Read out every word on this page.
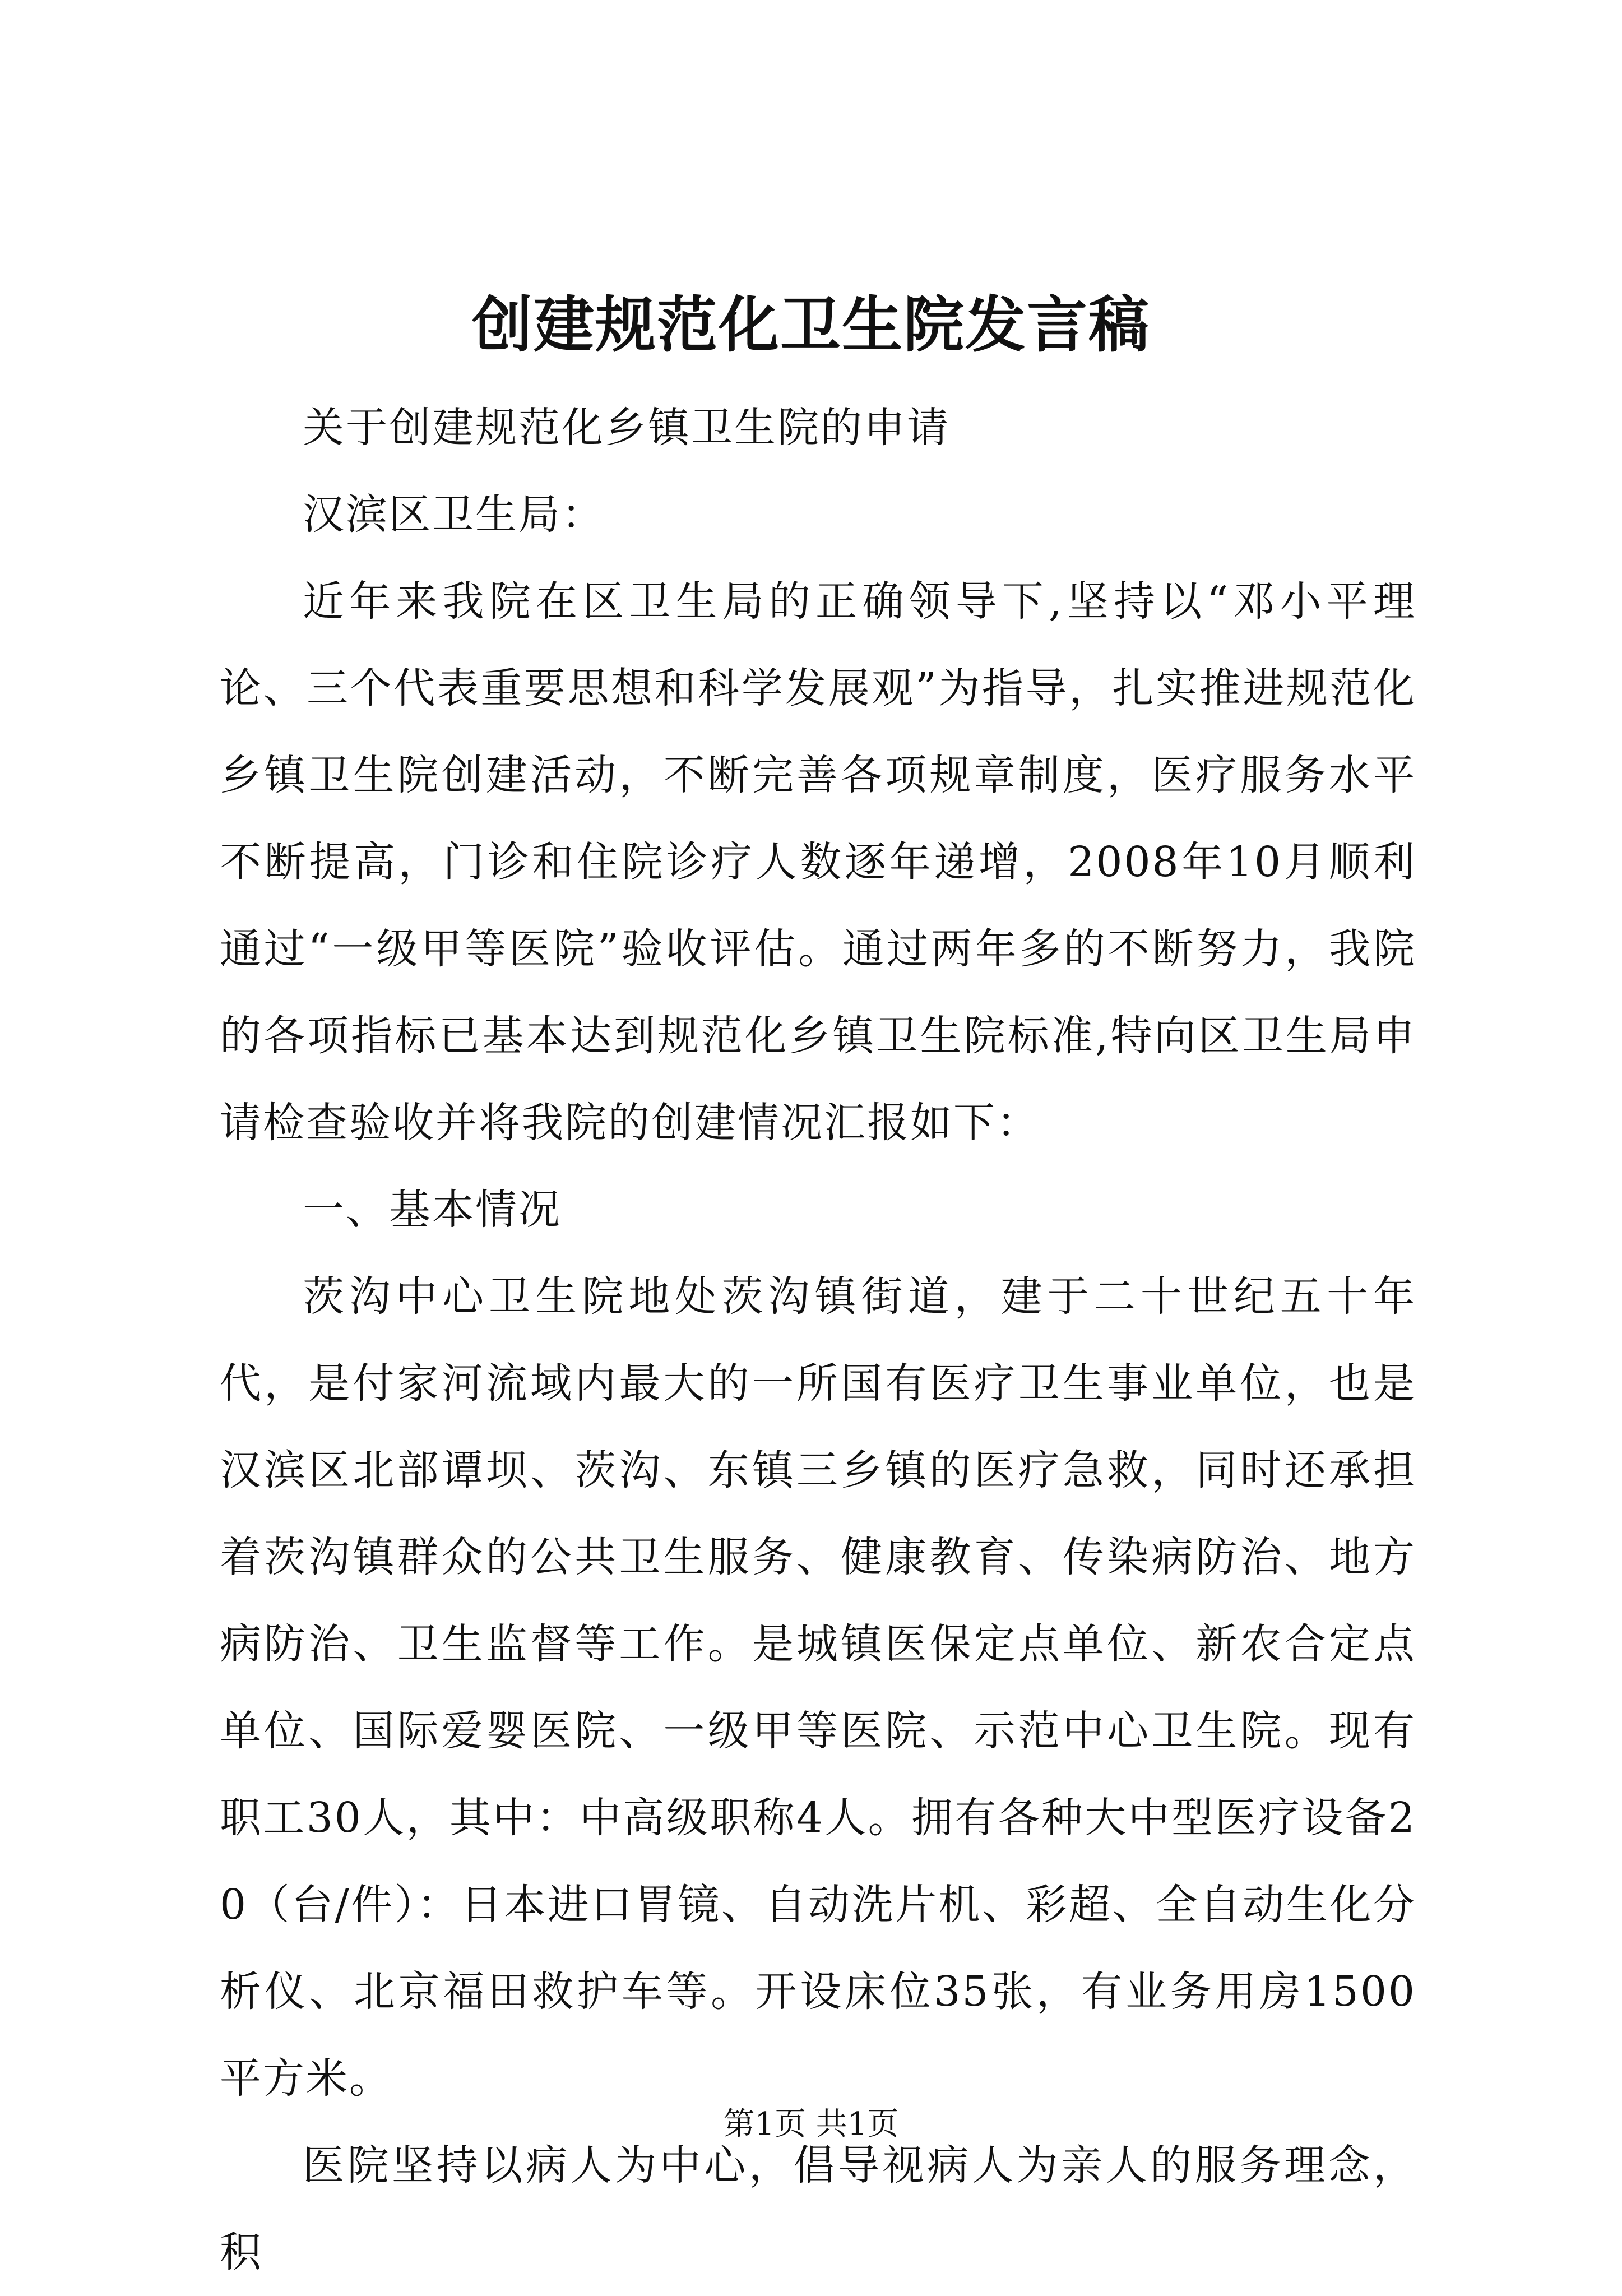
创建规范化卫生院发言稿

关于创建规范化乡镇卫生院的申请

汉滨区卫生局：

近年来我院在区卫生局的正确领导下,坚持以“邓小平理论、三个代表重要思想和科学发展观”为指导，扎实推进规范化乡镇卫生院创建活动，不断完善各项规章制度，医疗服务水平不断提高，门诊和住院诊疗人数逐年递增，2008年10月顺利通过“一级甲等医院”验收评估。通过两年多的不断努力，我院的各项指标已基本达到规范化乡镇卫生院标准,特向区卫生局申请检查验收并将我院的创建情况汇报如下：

一、基本情况

茨沟中心卫生院地处茨沟镇街道，建于二十世纪五十年代，是付家河流域内最大的一所国有医疗卫生事业单位，也是汉滨区北部谭坝、茨沟、东镇三乡镇的医疗急救，同时还承担着茨沟镇群众的公共卫生服务、健康教育、传染病防治、地方病防治、卫生监督等工作。是城镇医保定点单位、新农合定点单位、国际爱婴医院、一级甲等医院、示范中心卫生院。现有职工30人，其中：中高级职称4人。拥有各种大中型医疗设备20（台/件）：日本进口胃镜、自动洗片机、彩超、全自动生化分析仪、北京福田救护车等。开设床位35张，有业务用房1500平方米。

医院坚持以病人为中心，倡导视病人为亲人的服务理念，积

第1页 共1页
